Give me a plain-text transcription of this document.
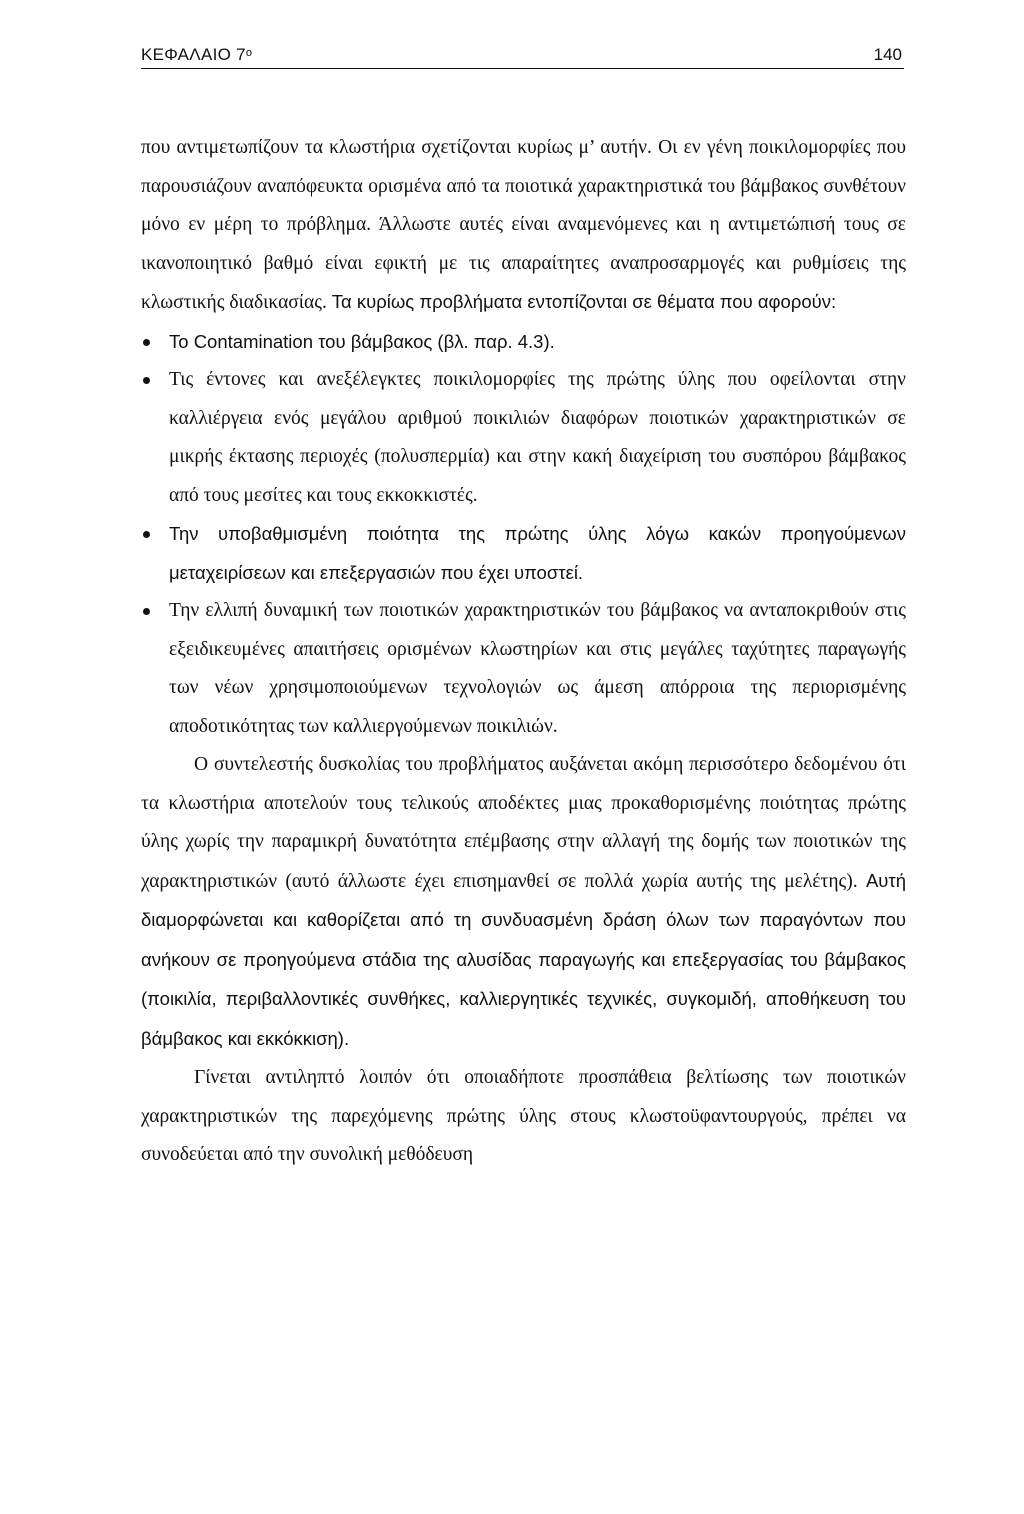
ΚΕΦΑΛΑΙΟ $7^o$	140

που αντιμετωπίζουν τα κλωστήρια σχετίζονται κυρίως μ’ αυτήν. Οι εν γένη ποικιλομορφίες που παρουσιάζουν αναπόφευκτα ορισμένα από τα ποιοτικά χαρακτηριστικά του βάμβακος συνθέτουν μόνο εν μέρη το πρόβλημα. Άλλωστε αυτές είναι αναμενόμενες και η αντιμετώπισή τους σε ικανοποιητικό βαθμό είναι εφικτή με τις απαραίτητες αναπροσαρμογές και ρυθμίσεις της κλωστικής διαδικασίας. Τα κυρίως προβλήματα εντοπίζονται σε θέματα που αφορούν:

Το Contamination του βάμβακος (βλ. παρ. 4.3).
Τις έντονες και ανεξέλεγκτες ποικιλομορφίες της πρώτης ύλης που οφείλονται στην καλλιέργεια ενός μεγάλου αριθμού ποικιλιών διαφόρων ποιοτικών χαρακτηριστικών σε μικρής έκτασης περιοχές (πολυσπερμία) και στην κακή διαχείριση του συσπόρου βάμβακος από τους μεσίτες και τους εκκοκκιστές.
Την υποβαθμισμένη ποιότητα της πρώτης ύλης λόγω κακών προηγούμενων μεταχειρίσεων και επεξεργασιών που έχει υποστεί.
Την ελλιπή δυναμική των ποιοτικών χαρακτηριστικών του βάμβακος να ανταποκριθούν στις εξειδικευμένες απαιτήσεις ορισμένων κλωστηρίων και στις μεγάλες ταχύτητες παραγωγής των νέων χρησιμοποιούμενων τεχνολογιών ως άμεση απόρροια της περιορισμένης αποδοτικότητας των καλλιεργούμενων ποικιλιών.

Ο συντελεστής δυσκολίας του προβλήματος αυξάνεται ακόμη περισσότερο δεδομένου ότι τα κλωστήρια αποτελούν τους τελικούς αποδέκτες μιας προκαθορισμένης ποιότητας πρώτης ύλης χωρίς την παραμικρή δυνατότητα επέμβασης στην αλλαγή της δομής των ποιοτικών της χαρακτηριστικών (αυτό άλλωστε έχει επισημανθεί σε πολλά χωρία αυτής της μελέτης). Αυτή διαμορφώνεται και καθορίζεται από τη συνδυασμένη δράση όλων των παραγόντων που ανήκουν σε προηγούμενα στάδια της αλυσίδας παραγωγής και επεξεργασίας του βάμβακος (ποικιλία, περιβαλλοντικές συνθήκες, καλλιεργητικές τεχνικές, συγκομιδή, αποθήκευση του βάμβακος και εκκόκκιση).

Γίνεται αντιληπτό λοιπόν ότι οποιαδήποτε προσπάθεια βελτίωσης των ποιοτικών χαρακτηριστικών της παρεχόμενης πρώτης ύλης στους κλωστοϋφαντουργούς, πρέπει να συνοδεύεται από την συνολική μεθόδευση
